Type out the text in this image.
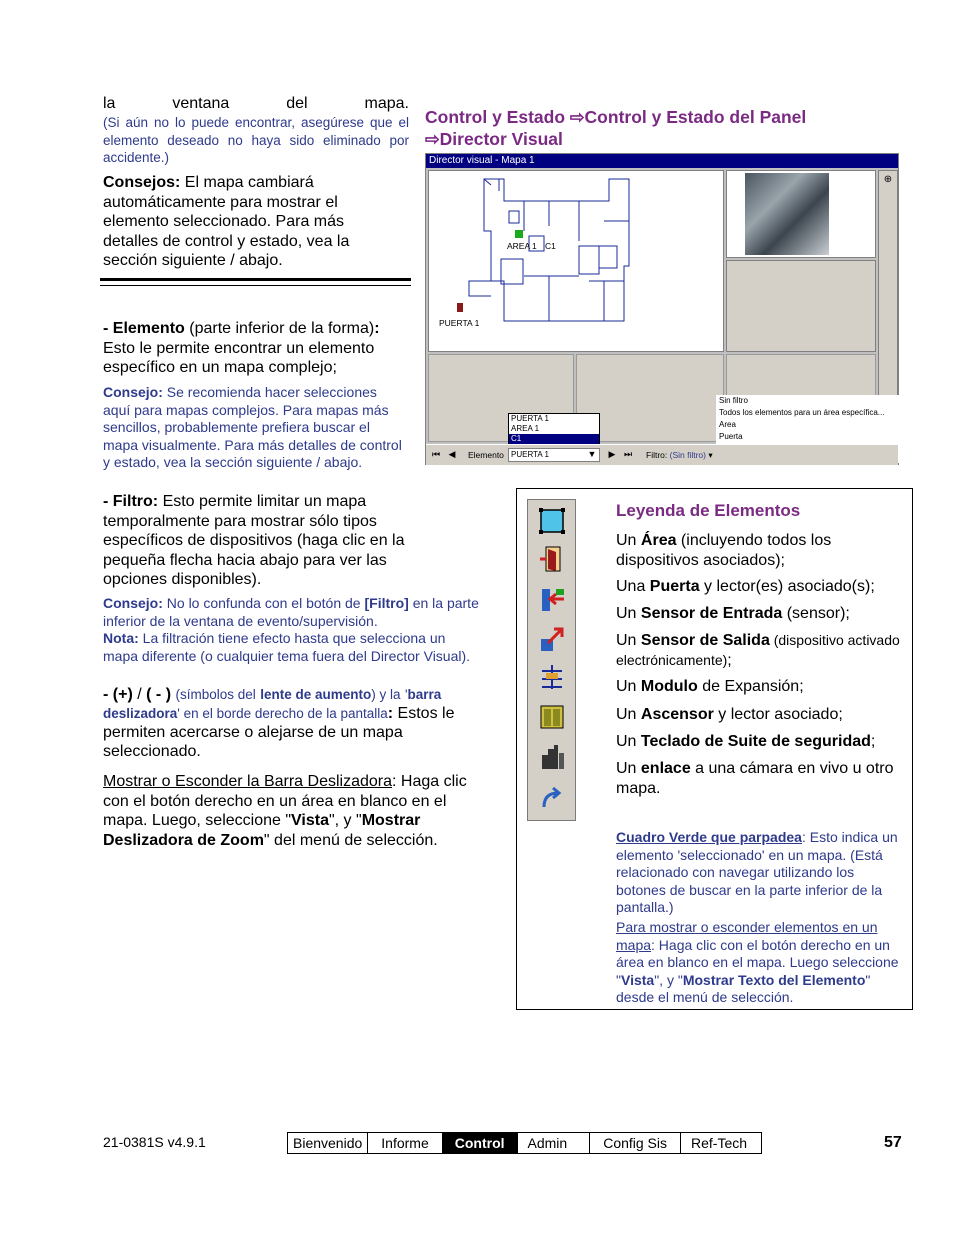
la ventana del mapa.

(Si aún no lo puede encontrar, asegúrese que el elemento deseado no haya sido eliminado por accidente.)
Consejos: El mapa cambiará automáticamente para mostrar el elemento seleccionado. Para más detalles de control y estado, vea la sección siguiente / abajo.
- Elemento (parte inferior de la forma): Esto le permite encontrar un elemento específico en un mapa complejo;
Consejo: Se recomienda hacer selecciones aquí para mapas complejos. Para mapas más sencillos, probablemente prefiera buscar el mapa visualmente. Para más detalles de control y estado, vea la sección siguiente / abajo.
- Filtro: Esto permite limitar un mapa temporalmente para mostrar sólo tipos específicos de dispositivos (haga clic en la pequeña flecha hacia abajo para ver las opciones disponibles).
Consejo: No lo confunda con el botón de [Filtro] en la parte inferior de la ventana de evento/supervisión.
Nota: La filtración tiene efecto hasta que selecciona un mapa diferente (o cualquier tema fuera del Director Visual).
- (+) / ( - ) (símbolos del lente de aumento) y la 'barra deslizadora' en el borde derecho de la pantalla: Estos le permiten acercarse o alejarse de un mapa seleccionado.
Mostrar o Esconder la Barra Deslizadora: Haga clic con el botón derecho en un área en blanco en el mapa. Luego, seleccione "Vista", y "Mostrar Deslizadora de Zoom" del menú de selección.
Control y Estado ⇨Control y Estado del Panel
⇨Director Visual
Director visual - Mapa 1
AREA 1 C1
PUERTA 1
⊕
PUERTA 1
AREA 1
C1
Sin filtro
Todos los elementos para un área específica...
Area
Puerta
⏮ ◀ Elemento PUERTA 1	▼ ▶ ⏭ Filtro: (Sin filtro) ▾
Leyenda de Elementos
Un Área (incluyendo todos los dispositivos asociados);
Una Puerta y lector(es) asociado(s);
Un Sensor de Entrada (sensor);
Un Sensor de Salida (dispositivo activado electrónicamente);
Un Modulo de Expansión;
Un Ascensor y lector asociado;
Un Teclado de Suite de seguridad;
Un enlace a una cámara en vivo u otro mapa.
Cuadro Verde que parpadea: Esto indica un elemento 'seleccionado' en un mapa. (Está relacionado con navegar utilizando los botones de buscar en la parte inferior de la pantalla.)
Para mostrar o esconder elementos en un mapa: Haga clic con el botón derecho en un área en blanco en el mapa. Luego seleccione "Vista", y "Mostrar Texto del Elemento" desde el menú de selección.
21-0381S v4.9.1	Bienvenido	Informe	Control	Admin	Config Sis	Ref-Tech	57
